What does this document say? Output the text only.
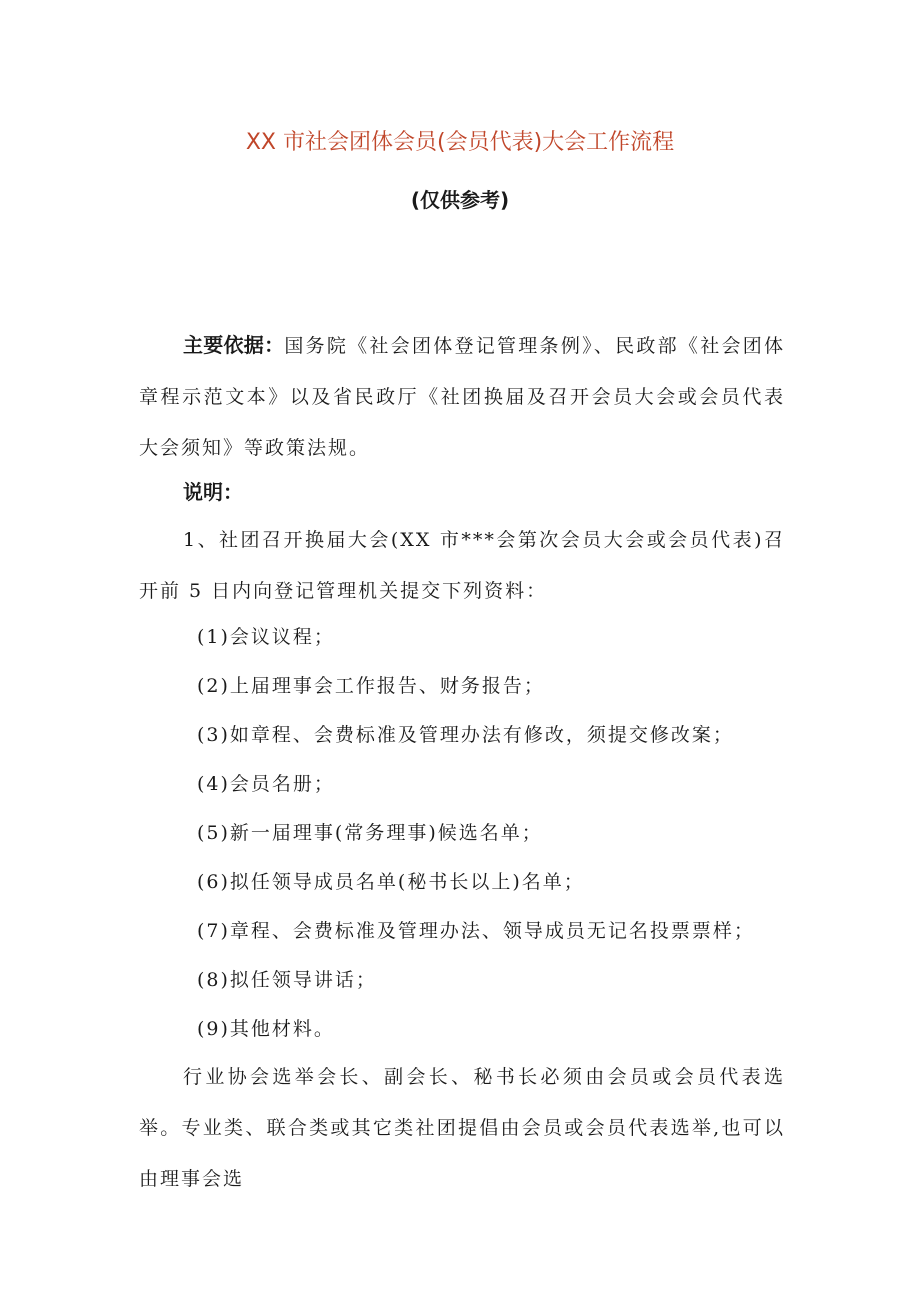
XX 市社会团体会员(会员代表)大会工作流程
(仅供参考)
主要依据：国务院《社会团体登记管理条例》、民政部《社会团体章程示范文本》以及省民政厅《社团换届及召开会员大会或会员代表大会须知》等政策法规。
说明：
1、社团召开换届大会(XX 市***会第次会员大会或会员代表)召开前 5 日内向登记管理机关提交下列资料：
(1)会议议程；
(2)上届理事会工作报告、财务报告；
(3)如章程、会费标准及管理办法有修改，须提交修改案；
(4)会员名册；
(5)新一届理事(常务理事)候选名单；
(6)拟任领导成员名单(秘书长以上)名单；
(7)章程、会费标准及管理办法、领导成员无记名投票票样；
(8)拟任领导讲话；
(9)其他材料。
行业协会选举会长、副会长、秘书长必须由会员或会员代表选举。专业类、联合类或其它类社团提倡由会员或会员代表选举,也可以由理事会选
